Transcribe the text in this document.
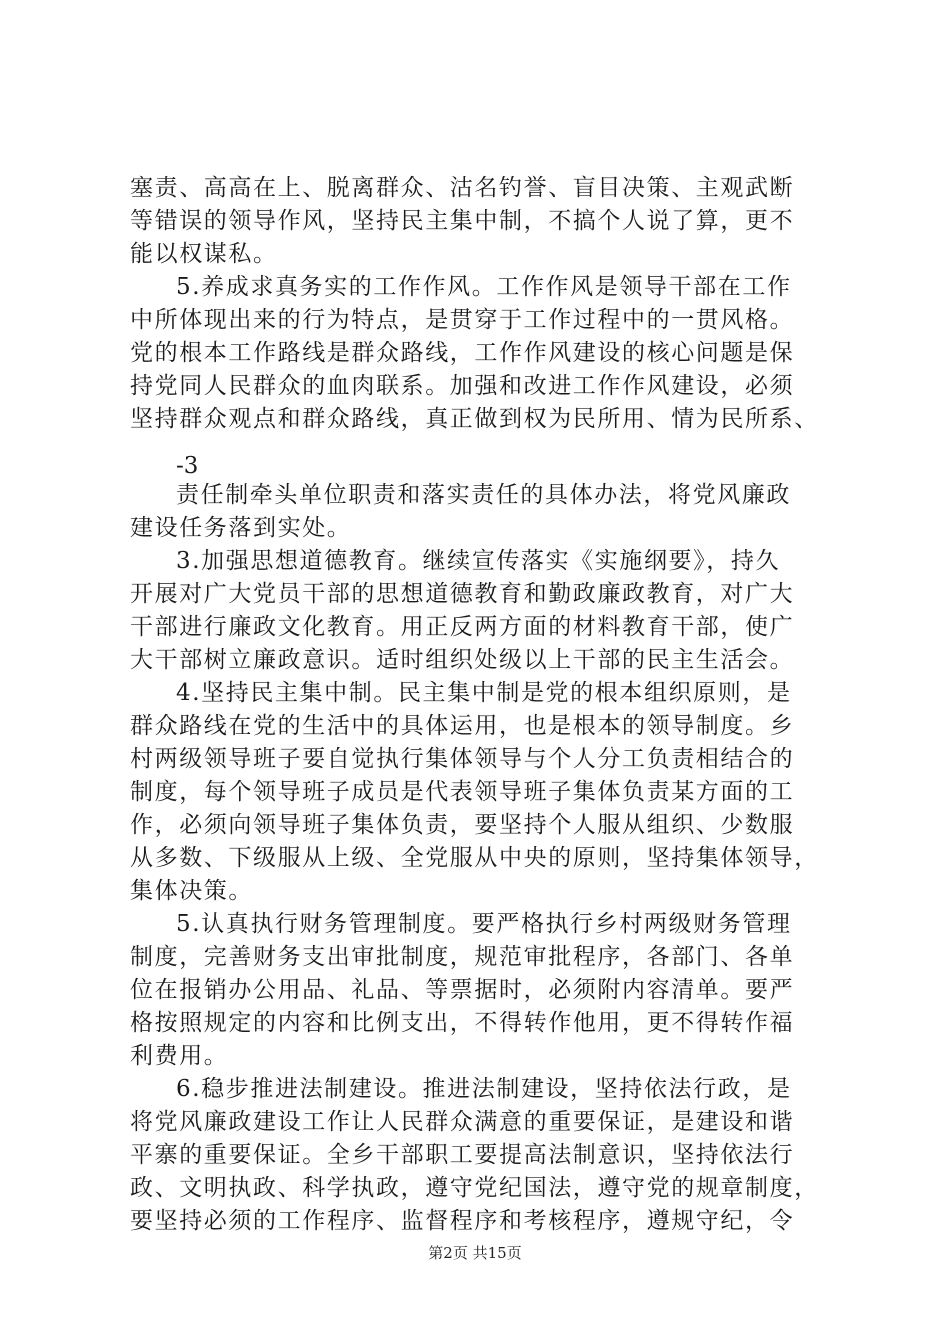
塞责、高高在上、脱离群众、沽名钓誉、盲目决策、主观武断
等错误的领导作风，坚持民主集中制，不搞个人说了算，更不
能以权谋私。
5.养成求真务实的工作作风。工作作风是领导干部在工作
中所体现出来的行为特点，是贯穿于工作过程中的一贯风格。
党的根本工作路线是群众路线，工作作风建设的核心问题是保
持党同人民群众的血肉联系。加强和改进工作作风建设，必须
坚持群众观点和群众路线，真正做到权为民所用、情为民所系、
-3
责任制牵头单位职责和落实责任的具体办法，将党风廉政
建设任务落到实处。
3.加强思想道德教育。继续宣传落实《实施纲要》，持久
开展对广大党员干部的思想道德教育和勤政廉政教育，对广大
干部进行廉政文化教育。用正反两方面的材料教育干部，使广
大干部树立廉政意识。适时组织处级以上干部的民主生活会。
4.坚持民主集中制。民主集中制是党的根本组织原则，是
群众路线在党的生活中的具体运用，也是根本的领导制度。乡
村两级领导班子要自觉执行集体领导与个人分工负责相结合的
制度，每个领导班子成员是代表领导班子集体负责某方面的工
作，必须向领导班子集体负责，要坚持个人服从组织、少数服
从多数、下级服从上级、全党服从中央的原则，坚持集体领导，
集体决策。
5.认真执行财务管理制度。要严格执行乡村两级财务管理
制度，完善财务支出审批制度，规范审批程序，各部门、各单
位在报销办公用品、礼品、等票据时，必须附内容清单。要严
格按照规定的内容和比例支出，不得转作他用，更不得转作福
利费用。
6.稳步推进法制建设。推进法制建设，坚持依法行政，是
将党风廉政建设工作让人民群众满意的重要保证，是建设和谐
平寨的重要保证。全乡干部职工要提高法制意识，坚持依法行
政、文明执政、科学执政，遵守党纪国法，遵守党的规章制度，
要坚持必须的工作程序、监督程序和考核程序，遵规守纪，令
第2页 共15页
